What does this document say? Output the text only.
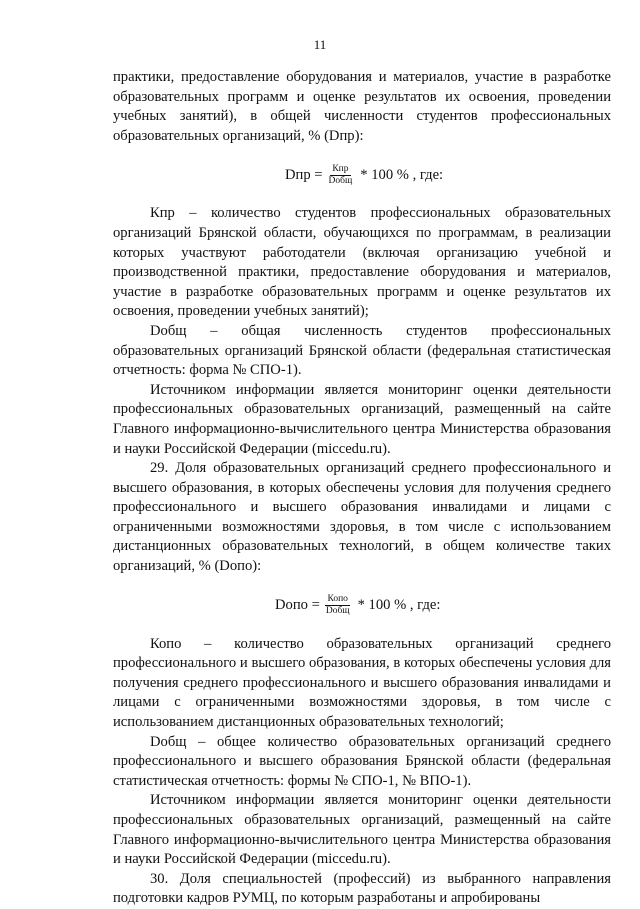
11

практики, предоставление оборудования и материалов, участие в разработке образовательных программ и оценке результатов их освоения, проведении учебных занятий), в общей численности студентов профессиональных образовательных организаций, % (Dпр):

Dпр = $\frac{\text{Кпр}}{\text{Dобщ}} * 100$ % , где:

Кпр – количество студентов профессиональных образовательных организаций Брянской области, обучающихся по программам, в реализации которых участвуют работодатели (включая организацию учебной и производственной практики, предоставление оборудования и материалов, участие в разработке образовательных программ и оценке результатов их освоения, проведении учебных занятий);

Dобщ – общая численность студентов профессиональных образовательных организаций Брянской области (федеральная статистическая отчетность: форма № СПО-1).

Источником информации является мониторинг оценки деятельности профессиональных образовательных организаций, размещенный на сайте Главного информационно-вычислительного центра Министерства образования и науки Российской Федерации (miccedu.ru).

29. Доля образовательных организаций среднего профессионального и высшего образования, в которых обеспечены условия для получения среднего профессионального и высшего образования инвалидами и лицами с ограниченными возможностями здоровья, в том числе с использованием дистанционных образовательных технологий, в общем количестве таких организаций, % (Dопо):

Dопо = $\frac{\text{Копо}}{\text{Dобщ}} * 100$ % , где:

Копо – количество образовательных организаций среднего профессионального и высшего образования, в которых обеспечены условия для получения среднего профессионального и высшего образования инвалидами и лицами с ограниченными возможностями здоровья, в том числе с использованием дистанционных образовательных технологий;

Dобщ – общее количество образовательных организаций среднего профессионального и высшего образования Брянской области (федеральная статистическая отчетность: формы № СПО-1, № ВПО-1).

Источником информации является мониторинг оценки деятельности профессиональных образовательных организаций, размещенный на сайте Главного информационно-вычислительного центра Министерства образования и науки Российской Федерации (miccedu.ru).

30. Доля специальностей (профессий) из выбранного направления подготовки кадров РУМЦ, по которым разработаны и апробированы
